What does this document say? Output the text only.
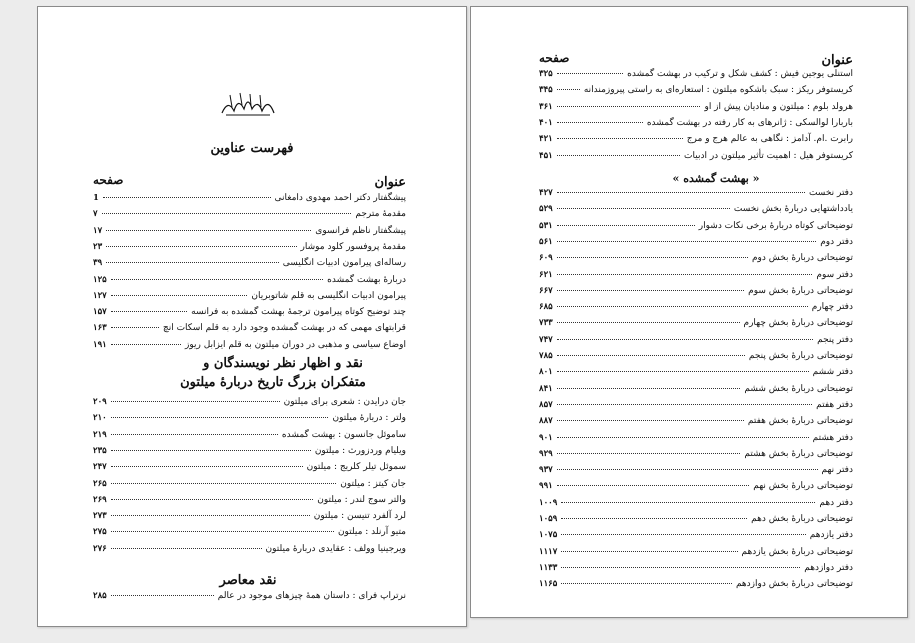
فهرست عناوین
عنوان
صفحه
پیشگفتار دکتر احمد مهدوی دامغانی
1
مقدمهٔ مترجم
۷
پیشگفتار ناظم فرانسوی
۱۷
مقدمهٔ پروفسور کلود موشار
۲۳
رساله‌ای پیرامون ادبیات انگلیسی
۳۹
دربارهٔ بهشت گمشده
۱۲۵
پیرامون ادبیات انگلیسی به قلم شاتوبریان
۱۲۷
چند توضیح کوتاه پیرامون ترجمهٔ بهشت گمشده به فرانسه
۱۵۷
قرابتهای مهمی که در بهشت گمشده وجود دارد به قلم اسکات انچ
۱۶۳
اوضاع سیاسی و مذهبی در دوران میلتون به قلم ایزابل ریوز
۱۹۱
نقد و اظهار نظر نویسندگان و
متفکران بزرگ تاریخ دربارهٔ میلتون
جان درایدن : شعری برای میلتون
۲۰۹
ولتر : دربارهٔ میلتون
۲۱۰
ساموئل جانسون : بهشت گمشده
۲۱۹
ویلیام وردزورث : میلتون
۲۳۵
سموئل تیلر کلریج : میلتون
۲۴۷
جان کیتز : میلتون
۲۶۵
والتر سوج لندر : میلتون
۲۶۹
لرد آلفرد تنیسن : میلتون
۲۷۳
متیو آرنلد : میلتون
۲۷۵
ویرجینیا وولف : عقایدی دربارهٔ میلتون
۲۷۶
نقد معاصر
نرتراپ فرای : داستان همهٔ چیزهای موجود در عالم
۲۸۵
عنوان
صفحه
استنلی یوجین فیش : کشف شکل و ترکیب در بهشت گمشده
۳۲۵
کریستوفر ریکز : سبک باشکوه میلتون : استعاره‌ای به راستی پیروزمندانه
۳۴۵
هرولد بلوم : میلتون و منادیان پیش از او
۳۶۱
باربارا لوالسکی : ژانرهای به کار رفته در بهشت گمشده
۴۰۱
رابرت .ام. آدامز : نگاهی به عالم هرج و مرج
۴۲۱
کریستوفر هیل : اهمیت تأثیر میلتون در ادبیات
۴۵۱
« بهشت گمشده »
دفتر نخست
۴۲۷
یادداشتهایی دربارهٔ بخش نخست
۵۲۹
توضیحاتی کوتاه دربارهٔ برخی نکات دشوار
۵۳۱
دفتر دوم
۵۶۱
توضیحاتی دربارهٔ بخش دوم
۶۰۹
دفتر سوم
۶۲۱
توضیحاتی دربارهٔ بخش سوم
۶۶۷
دفتر چهارم
۶۸۵
توضیحاتی دربارهٔ بخش چهارم
۷۳۳
دفتر پنجم
۷۴۷
توضیحاتی دربارهٔ بخش پنجم
۷۸۵
دفتر ششم
۸۰۱
توضیحاتی دربارهٔ بخش ششم
۸۴۱
دفتر هفتم
۸۵۷
توضیحاتی دربارهٔ بخش هفتم
۸۸۷
دفتر هشتم
۹۰۱
توضیحاتی دربارهٔ بخش هشتم
۹۲۹
دفتر نهم
۹۳۷
توضیحاتی دربارهٔ بخش نهم
۹۹۱
دفتر دهم
۱۰۰۹
توضیحاتی دربارهٔ بخش دهم
۱۰۵۹
دفتر یازدهم
۱۰۷۵
توضیحاتی دربارهٔ بخش یازدهم
۱۱۱۷
دفتر دوازدهم
۱۱۳۳
توضیحاتی دربارهٔ بخش دوازدهم
۱۱۶۵
